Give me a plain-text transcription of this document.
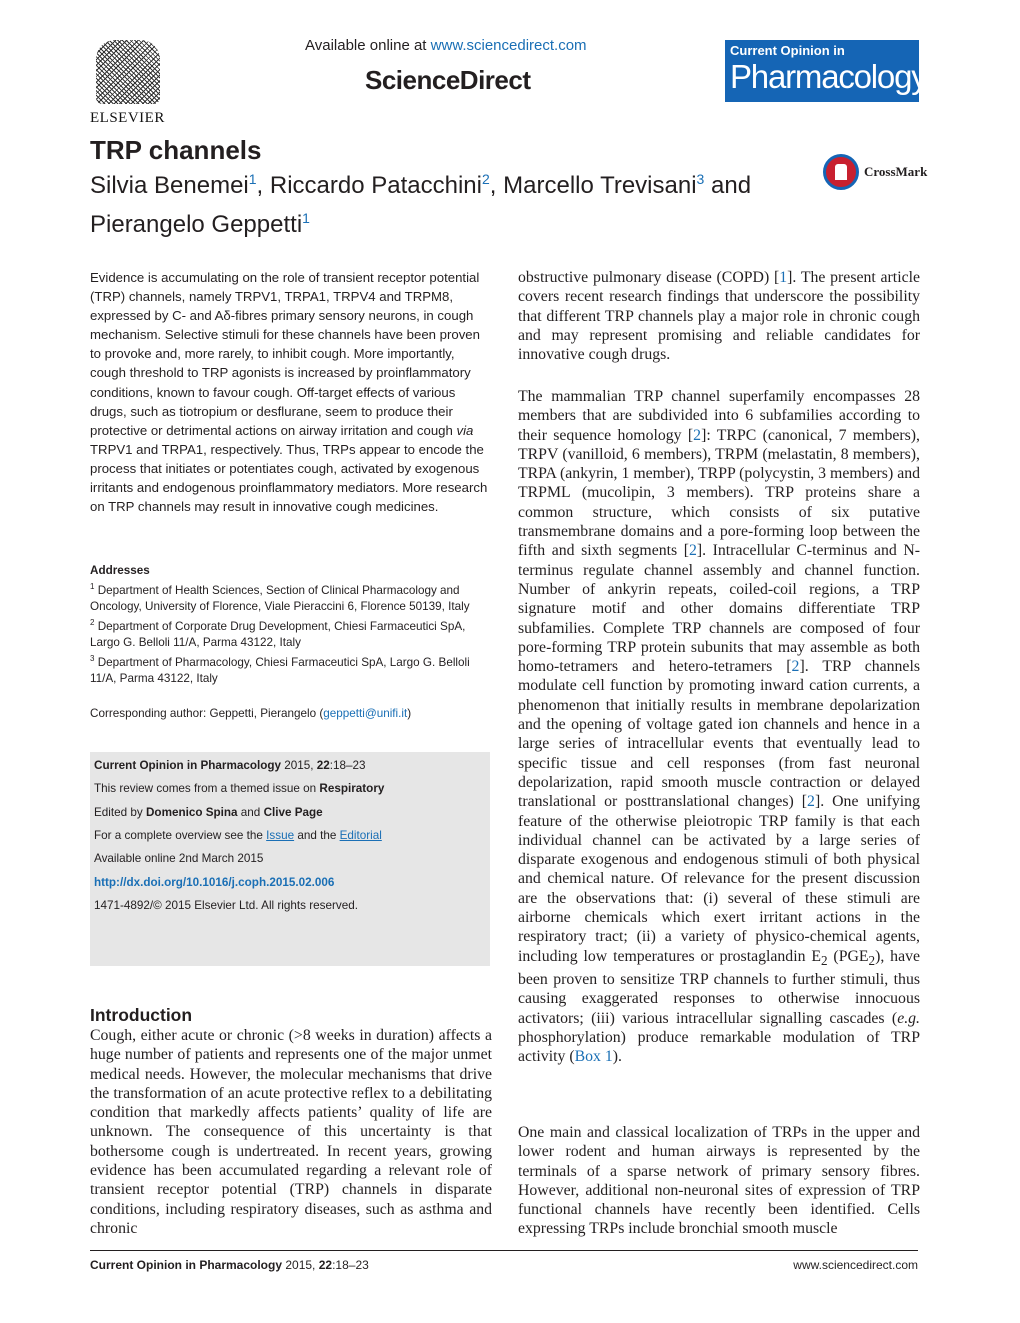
ELSEVIER
Available online at www.sciencedirect.com
ScienceDirect
Current Opinion in
Pharmacology
TRP channels
Silvia Benemei$^1$, Riccardo Patacchini$^2$, Marcello Trevisani$^3$ and Pierangelo Geppetti$^1$
CrossMark

Evidence is accumulating on the role of transient receptor potential (TRP) channels, namely TRPV1, TRPA1, TRPV4 and TRPM8, expressed by C- and Aδ-fibres primary sensory neurons, in cough mechanism. Selective stimuli for these channels have been proven to provoke and, more rarely, to inhibit cough. More importantly, cough threshold to TRP agonists is increased by proinflammatory conditions, known to favour cough. Off-target effects of various drugs, such as tiotropium or desflurane, seem to produce their protective or detrimental actions on airway irritation and cough via TRPV1 and TRPA1, respectively. Thus, TRPs appear to encode the process that initiates or potentiates cough, activated by exogenous irritants and endogenous proinflammatory mediators. More research on TRP channels may result in innovative cough medicines.

Addresses
$^1$ Department of Health Sciences, Section of Clinical Pharmacology and Oncology, University of Florence, Viale Pieraccini 6, Florence 50139, Italy
$^2$ Department of Corporate Drug Development, Chiesi Farmaceutici SpA, Largo G. Belloli 11/A, Parma 43122, Italy
$^3$ Department of Pharmacology, Chiesi Farmaceutici SpA, Largo G. Belloli 11/A, Parma 43122, Italy
Corresponding author: Geppetti, Pierangelo (geppetti@unifi.it)
Current Opinion in Pharmacology 2015, 22:18–23
This review comes from a themed issue on Respiratory
Edited by Domenico Spina and Clive Page
For a complete overview see the Issue and the Editorial
Available online 2nd March 2015
http://dx.doi.org/10.1016/j.coph.2015.02.006
1471-4892/© 2015 Elsevier Ltd. All rights reserved.
Introduction

Cough, either acute or chronic (>8 weeks in duration) affects a huge number of patients and represents one of the major unmet medical needs. However, the molecular mechanisms that drive the transformation of an acute protective reflex to a debilitating condition that markedly affects patients’ quality of life are unknown. The consequence of this uncertainty is that bothersome cough is undertreated. In recent years, growing evidence has been accumulated regarding a relevant role of transient receptor potential (TRP) channels in disparate conditions, including respiratory diseases, such as asthma and chronic

obstructive pulmonary disease (COPD) [1]. The present article covers recent research findings that underscore the possibility that different TRP channels play a major role in chronic cough and may represent promising and reliable candidates for innovative cough drugs.

The mammalian TRP channel superfamily encompasses 28 members that are subdivided into 6 subfamilies according to their sequence homology [2]: TRPC (canonical, 7 members), TRPV (vanilloid, 6 members), TRPM (melastatin, 8 members), TRPA (ankyrin, 1 member), TRPP (polycystin, 3 members) and TRPML (mucolipin, 3 members). TRP proteins share a common structure, which consists of six putative transmembrane domains and a pore-forming loop between the fifth and sixth segments [2]. Intracellular C-terminus and N-terminus regulate channel assembly and channel function. Number of ankyrin repeats, coiled-coil regions, a TRP signature motif and other domains differentiate TRP subfamilies. Complete TRP channels are composed of four pore-forming TRP protein subunits that may assemble as both homo-tetramers and hetero-tetramers [2]. TRP channels modulate cell function by promoting inward cation currents, a phenomenon that initially results in membrane depolarization and the opening of voltage gated ion channels and hence in a large series of intracellular events that eventually lead to specific tissue and cell responses (from fast neuronal depolarization, rapid smooth muscle contraction or delayed translational or posttranslational changes) [2]. One unifying feature of the otherwise pleiotropic TRP family is that each individual channel can be activated by a large series of disparate exogenous and endogenous stimuli of both physical and chemical nature. Of relevance for the present discussion are the observations that: (i) several of these stimuli are airborne chemicals which exert irritant actions in the respiratory tract; (ii) a variety of physico-chemical agents, including low temperatures or prostaglandin $E_2$ $(PGE_2)$, have been proven to sensitize TRP channels to further stimuli, thus causing exaggerated responses to otherwise innocuous activators; (iii) various intracellular signalling cascades (e.g. phosphorylation) produce remarkable modulation of TRP activity (Box 1).

One main and classical localization of TRPs in the upper and lower rodent and human airways is represented by the terminals of a sparse network of primary sensory fibres. However, additional non-neuronal sites of expression of TRP functional channels have recently been identified. Cells expressing TRPs include bronchial smooth muscle

Current Opinion in Pharmacology 2015, 22:18–23	www.sciencedirect.com
